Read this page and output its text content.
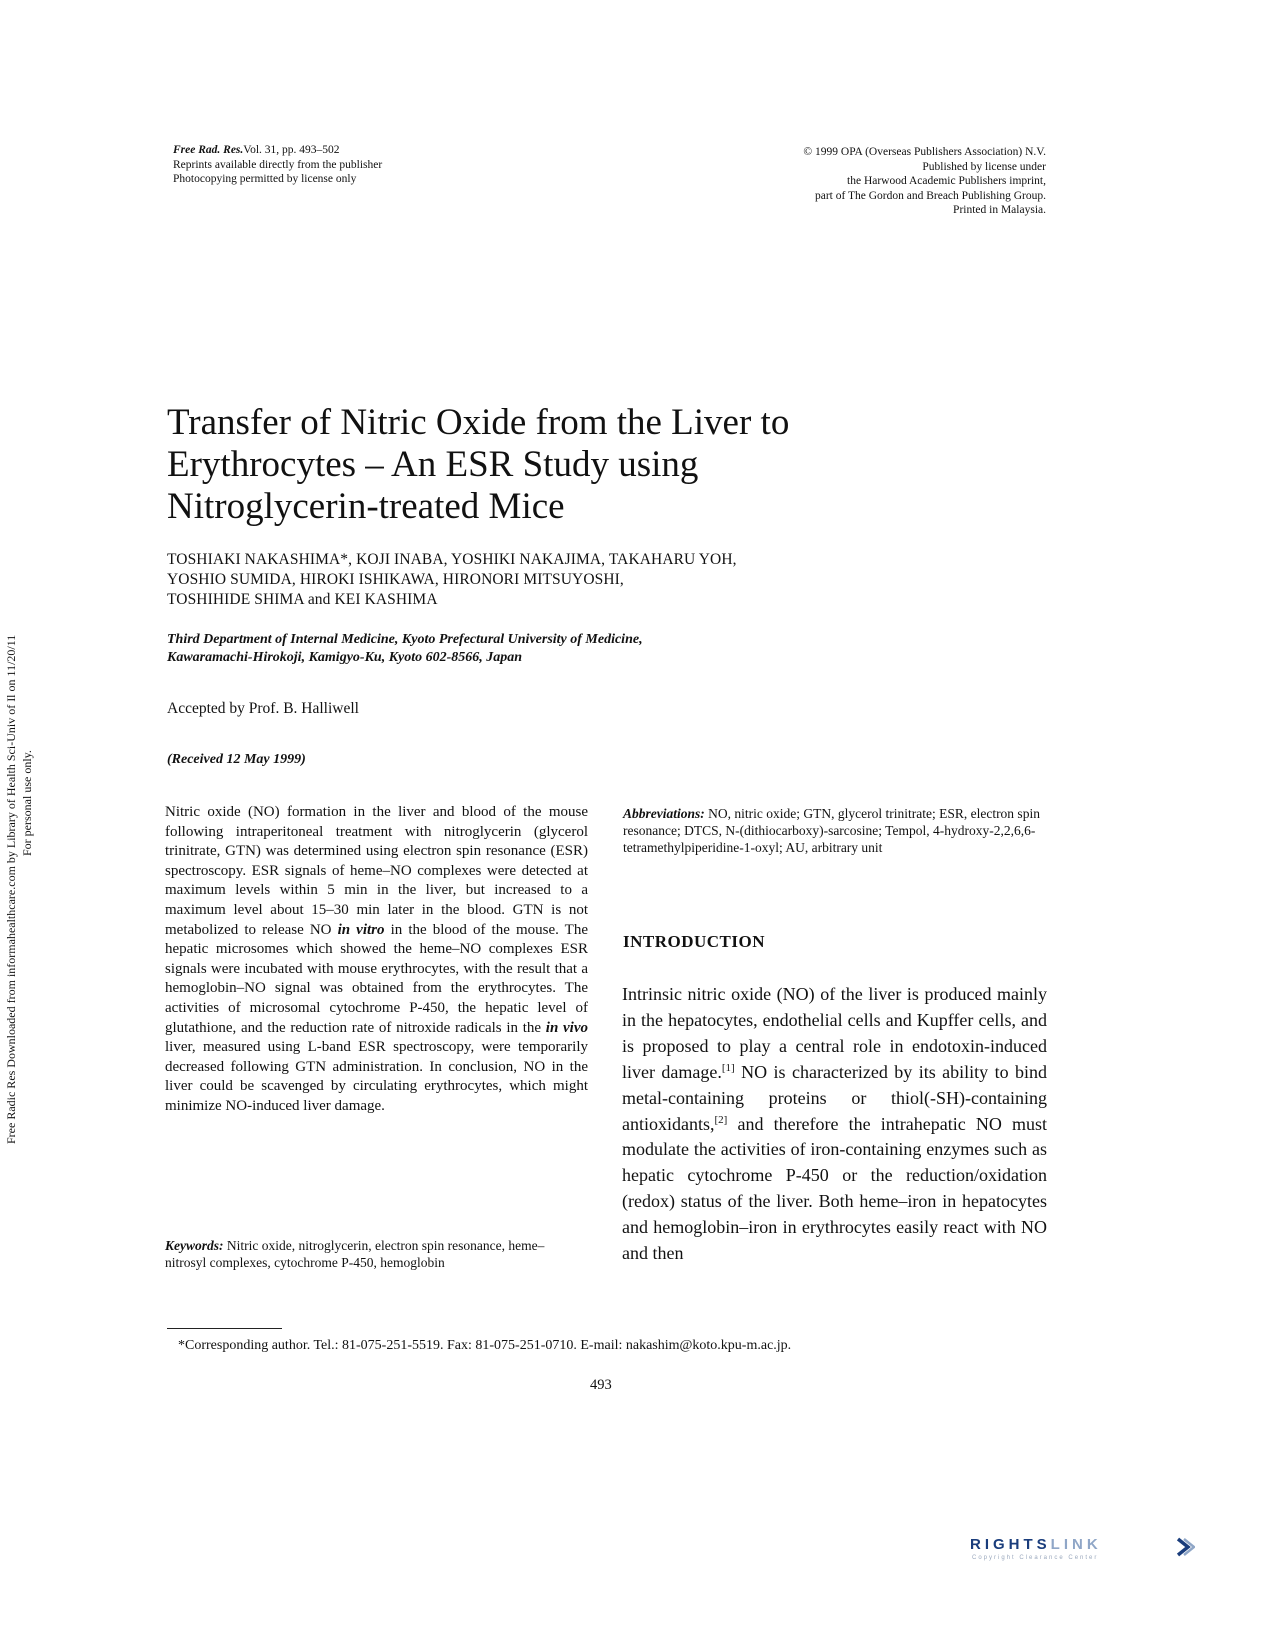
Free Rad. Res.Vol. 31, pp. 493–502
Reprints available directly from the publisher
Photocopying permitted by license only
© 1999 OPA (Overseas Publishers Association) N.V.
Published by license under
the Harwood Academic Publishers imprint,
part of The Gordon and Breach Publishing Group.
Printed in Malaysia.
Free Radic Res Downloaded from informahealthcare.com by Library of Health Sci-Univ of Il on 11/20/11 For personal use only.
Transfer of Nitric Oxide from the Liver to
Erythrocytes – An ESR Study using
Nitroglycerin-treated Mice
TOSHIAKI NAKASHIMA*, KOJI INABA, YOSHIKI NAKAJIMA, TAKAHARU YOH,
YOSHIO SUMIDA, HIROKI ISHIKAWA, HIRONORI MITSUYOSHI,
TOSHIHIDE SHIMA and KEI KASHIMA
Third Department of Internal Medicine, Kyoto Prefectural University of Medicine,
Kawaramachi-Hirokoji, Kamigyo-Ku, Kyoto 602-8566, Japan
Accepted by Prof. B. Halliwell
(Received 12 May 1999)
Nitric oxide (NO) formation in the liver and blood of the mouse following intraperitoneal treatment with nitroglycerin (glycerol trinitrate, GTN) was determined using electron spin resonance (ESR) spectroscopy. ESR signals of heme–NO complexes were detected at maximum levels within 5 min in the liver, but increased to a maximum level about 15–30 min later in the blood. GTN is not metabolized to release NO in vitro in the blood of the mouse. The hepatic microsomes which showed the heme–NO complexes ESR signals were incubated with mouse erythrocytes, with the result that a hemoglobin–NO signal was obtained from the erythrocytes. The activities of microsomal cytochrome P-450, the hepatic level of glutathione, and the reduction rate of nitroxide radicals in the in vivo liver, measured using L-band ESR spectroscopy, were temporarily decreased following GTN administration. In conclusion, NO in the liver could be scavenged by circulating erythrocytes, which might minimize NO-induced liver damage.
Keywords: Nitric oxide, nitroglycerin, electron spin resonance, heme–nitrosyl complexes, cytochrome P-450, hemoglobin
Abbreviations: NO, nitric oxide; GTN, glycerol trinitrate; ESR, electron spin resonance; DTCS, N-(dithiocarboxy)-sarcosine; Tempol, 4-hydroxy-2,2,6,6-tetramethylpiperidine-1-oxyl; AU, arbitrary unit
INTRODUCTION
Intrinsic nitric oxide (NO) of the liver is produced mainly in the hepatocytes, endothelial cells and Kupffer cells, and is proposed to play a central role in endotoxin-induced liver damage.[1] NO is characterized by its ability to bind metal-containing proteins or thiol(-SH)-containing antioxidants,[2] and therefore the intrahepatic NO must modulate the activities of iron-containing enzymes such as hepatic cytochrome P-450 or the reduction/oxidation (redox) status of the liver. Both heme–iron in hepatocytes and hemoglobin–iron in erythrocytes easily react with NO and then
*Corresponding author. Tel.: 81-075-251-5519. Fax: 81-075-251-0710. E-mail: nakashim@koto.kpu-m.ac.jp.
493
RIGHTSLINK
Copyright Clearance Center
